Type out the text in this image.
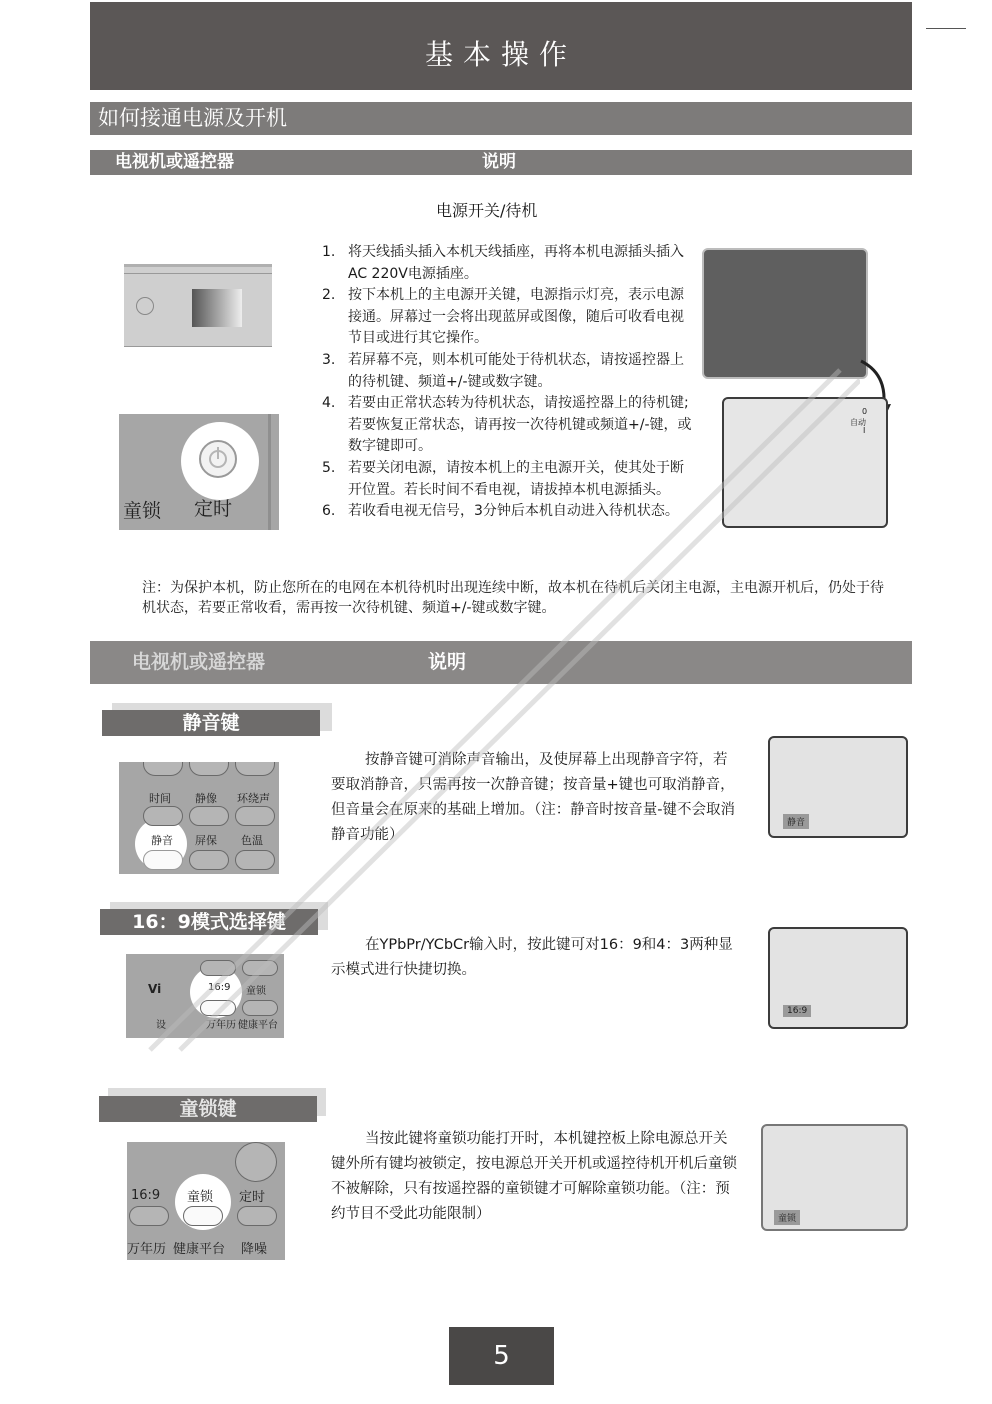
基本操作
如何接通电源及开机
电视机或遥控器	说明
电源开关/待机
童锁 定时
1. 将天线插头插入本机天线插座，再将本机电源插头插入AC 220V电源插座。
2. 按下本机上的主电源开关键，电源指示灯亮，表示电源接通。屏幕过一会将出现蓝屏或图像，随后可收看电视节目或进行其它操作。
3. 若屏幕不亮，则本机可能处于待机状态，请按遥控器上的待机键、频道+/-键或数字键。
4. 若要由正常状态转为待机状态，请按遥控器上的待机键;若要恢复正常状态，请再按一次待机键或频道+/-键，或数字键即可。
5. 若要关闭电源，请按本机上的主电源开关，使其处于断开位置。若长时间不看电视，请拔掉本机电源插头。
6. 若收看电视无信号，3分钟后本机自动进入待机状态。
0
自动
I
注：为保护本机，防止您所在的电网在本机待机时出现连续中断，故本机在待机后关闭主电源，主电源开机后，仍处于待机状态，若要正常收看，需再按一次待机键、频道+/-键或数字键。
电视机或遥控器	说明
静音键
时间 静像 环绕声
静音 屏保 色温
按静音键可消除声音输出，及使屏幕上出现静音字符，若要取消静音，只需再按一次静音键；按音量+键也可取消静音，但音量会在原来的基础上增加。（注：静音时按音量-键不会取消静音功能）
静音
16：9模式选择键
Vi	16:9 童锁
设	万年历 健康平台
在YPbPr/YCbCr输入时，按此键可对16：9和4：3两种显示模式进行快捷切换。
16:9
童锁键
16:9 童锁 定时
万年历 健康平台 降噪
当按此键将童锁功能打开时，本机键控板上除电源总开关键外所有键均被锁定，按电源总开关开机或遥控待机开机后童锁不被解除，只有按遥控器的童锁键才可解除童锁功能。（注：预约节目不受此功能限制）	童锁
5
